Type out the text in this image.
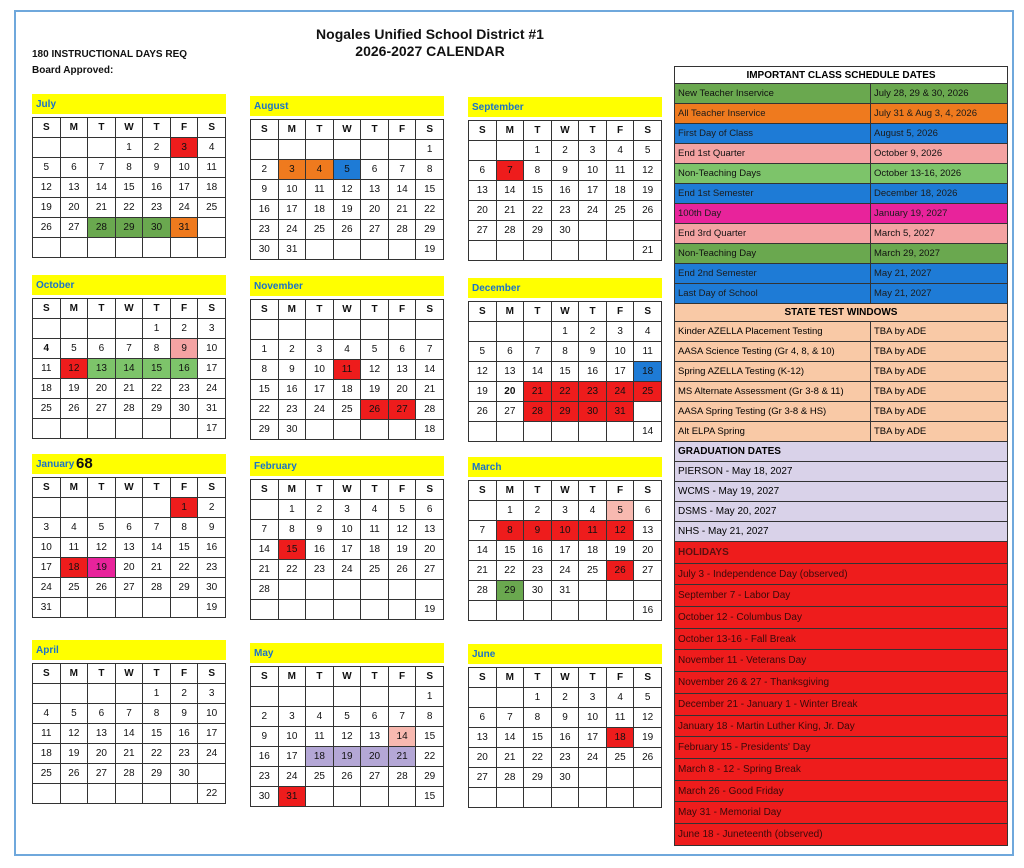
Nogales Unified School District #1
2026-2027 CALENDAR
180 INSTRUCTIONAL DAYS REQ
Board Approved:
July
S	M	T	W	T	F	S
			1	2	3	4
5	6	7	8	9	10	11
12	13	14	15	16	17	18
19	20	21	22	23	24	25
26	27	28	29	30	31	

August
S	M	T	W	T	F	S
						1
2	3	4	5	6	7	8
9	10	11	12	13	14	15
16	17	18	19	20	21	22
23	24	25	26	27	28	29
30	31					19
September
S	M	T	W	T	F	S
		1	2	3	4	5
6	7	8	9	10	11	12
13	14	15	16	17	18	19
20	21	22	23	24	25	26
27	28	29	30			
						21
October
S	M	T	W	T	F	S
				1	2	3
4	5	6	7	8	9	10
11	12	13	14	15	16	17
18	19	20	21	22	23	24
25	26	27	28	29	30	31
						17
November
S	M	T	W	T	F	S

1	2	3	4	5	6	7
8	9	10	11	12	13	14
15	16	17	18	19	20	21
22	23	24	25	26	27	28
29	30					18
December
S	M	T	W	T	F	S
			1	2	3	4
5	6	7	8	9	10	11
12	13	14	15	16	17	18
19	20	21	22	23	24	25
26	27	28	29	30	31	
						14
January 68
S	M	T	W	T	F	S
					1	2
3	4	5	6	7	8	9
10	11	12	13	14	15	16
17	18	19	20	21	22	23
24	25	26	27	28	29	30
31						19
February
S	M	T	W	T	F	S
	1	2	3	4	5	6
7	8	9	10	11	12	13
14	15	16	17	18	19	20
21	22	23	24	25	26	27
28						
						19
March
S	M	T	W	T	F	S
	1	2	3	4	5	6
7	8	9	10	11	12	13
14	15	16	17	18	19	20
21	22	23	24	25	26	27
28	29	30	31			
						16
April
S	M	T	W	T	F	S
				1	2	3
4	5	6	7	8	9	10
11	12	13	14	15	16	17
18	19	20	21	22	23	24
25	26	27	28	29	30	
						22
May
S	M	T	W	T	F	S
						1
2	3	4	5	6	7	8
9	10	11	12	13	14	15
16	17	18	19	20	21	22
23	24	25	26	27	28	29
30	31					15
June
S	M	T	W	T	F	S
		1	2	3	4	5
6	7	8	9	10	11	12
13	14	15	16	17	18	19
20	21	22	23	24	25	26
27	28	29	30			

IMPORTANT CLASS SCHEDULE DATES
New Teacher Inservice	July 28, 29 & 30, 2026
All Teacher Inservice	July 31 & Aug 3, 4, 2026
First Day of Class	August 5, 2026
End 1st Quarter	October 9, 2026
Non-Teaching Days	October 13-16, 2026
End 1st Semester	December 18, 2026
100th Day	January 19, 2027
End 3rd Quarter	March 5, 2027
Non-Teaching Day	March 29, 2027
End 2nd Semester	May 21, 2027
Last Day of School	May 21, 2027
STATE TEST WINDOWS
Kinder AZELLA Placement Testing	TBA by ADE
AASA Science Testing (Gr 4, 8, & 10)	TBA by ADE
Spring AZELLA Testing (K-12)	TBA by ADE
MS Alternate Assessment (Gr 3-8 & 11)	TBA by ADE
AASA Spring Testing (Gr 3-8 & HS)	TBA by ADE
Alt ELPA Spring	TBA by ADE
GRADUATION DATES
PIERSON - May 18, 2027
WCMS - May 19, 2027
DSMS - May 20, 2027
NHS - May 21, 2027
HOLIDAYS
July 3 - Independence Day (observed)
September 7 - Labor Day
October 12 - Columbus Day
October 13-16 - Fall Break
November 11 - Veterans Day
November 26 & 27 - Thanksgiving
December 21 - January 1 - Winter Break
January 18 - Martin Luther King, Jr. Day
February 15 - Presidents' Day
March 8 - 12 - Spring Break
March 26 - Good Friday
May 31 - Memorial Day
June 18 - Juneteenth (observed)
